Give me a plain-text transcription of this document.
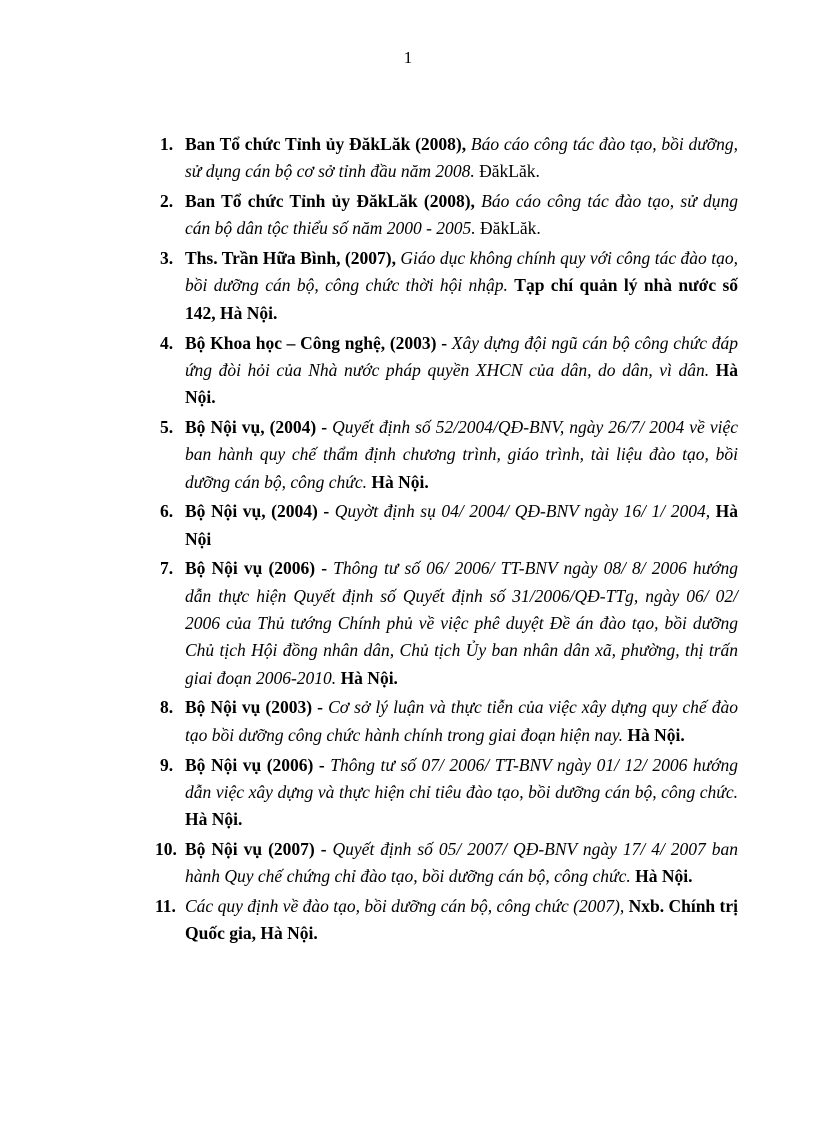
1
1. Ban Tổ chức Tỉnh ủy ĐăkLăk (2008), Báo cáo công tác đào tạo, bồi dưỡng, sử dụng cán bộ cơ sở tỉnh đầu năm 2008. ĐăkLăk.
2. Ban Tổ chức Tỉnh ủy ĐăkLăk (2008), Báo cáo công tác đào tạo, sử dụng cán bộ dân tộc thiểu số năm 2000 - 2005. ĐăkLăk.
3. Ths. Trần Hữa Bình, (2007), Giáo dục không chính quy với công tác đào tạo, bồi dưỡng cán bộ, công chức thời hội nhập. Tạp chí quản lý nhà nước số 142, Hà Nội.
4. Bộ Khoa học – Công nghệ, (2003) - Xây dựng đội ngũ cán bộ công chức đáp ứng đòi hỏi của Nhà nước pháp quyền XHCN của dân, do dân, vì dân. Hà Nội.
5. Bộ Nội vụ, (2004) - Quyết định số 52/2004/QĐ-BNV, ngày 26/7/ 2004 về việc ban hành quy chế thẩm định chương trình, giáo trình, tài liệu đào tạo, bồi dưỡng cán bộ, công chức. Hà Nội.
6. Bộ Nội vụ, (2004) - Quyờt định sụ 04/ 2004/ QĐ-BNV ngày 16/ 1/ 2004, Hà Nội
7. Bộ Nội vụ (2006) - Thông tư số 06/ 2006/ TT-BNV ngày 08/ 8/ 2006 hướng dẫn thực hiện Quyết định số Quyết định số 31/2006/QĐ-TTg, ngày 06/ 02/ 2006 của Thủ tướng Chính phủ về việc phê duyệt Đề án đào tạo, bồi dưỡng Chủ tịch Hội đồng nhân dân, Chủ tịch Ủy ban nhân dân xã, phường, thị trấn giai đoạn 2006-2010. Hà Nội.
8. Bộ Nội vụ (2003) - Cơ sở lý luận và thực tiễn của việc xây dựng quy chế đào tạo bồi dưỡng công chức hành chính trong giai đoạn hiện nay. Hà Nội.
9. Bộ Nội vụ (2006) - Thông tư số 07/ 2006/ TT-BNV ngày 01/ 12/ 2006 hướng dẫn việc xây dựng và thực hiện chỉ tiêu đào tạo, bồi dưỡng cán bộ, công chức. Hà Nội.
10. Bộ Nội vụ (2007) - Quyết định số 05/ 2007/ QĐ-BNV ngày 17/ 4/ 2007 ban hành Quy chế chứng chỉ đào tạo, bồi dưỡng cán bộ, công chức. Hà Nội.
11. Các quy định về đào tạo, bồi dưỡng cán bộ, công chức (2007), Nxb. Chính trị Quốc gia, Hà Nội.
